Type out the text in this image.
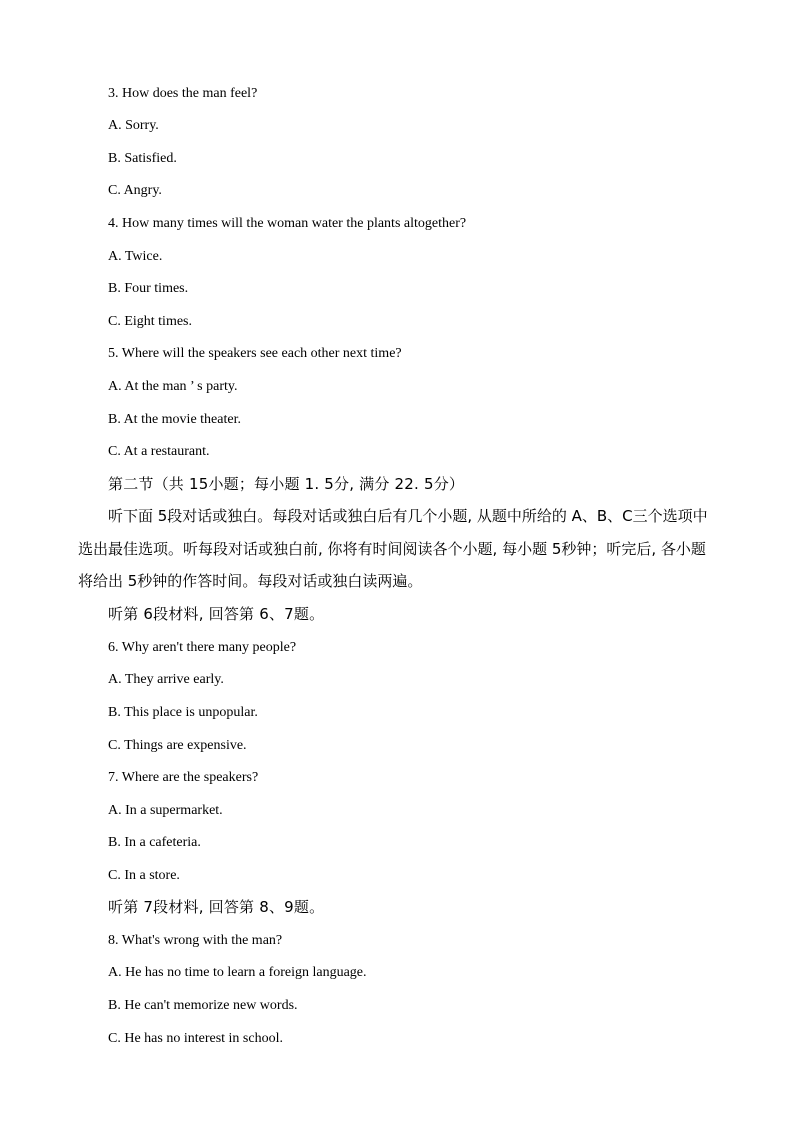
3. How does the man feel?
A. Sorry.
B. Satisfied.
C. Angry.
4. How many times will the woman water the plants altogether?
A. Twice.
B. Four times.
C. Eight times.
5. Where will the speakers see each other next time?
A. At the man ’ s party.
B. At the movie theater.
C. At a restaurant.
第二节（共 15小题；每小题 1. 5分, 满分 22. 5分）
听下面 5段对话或独白。每段对话或独白后有几个小题, 从题中所给的 A、B、C三个选项中选出最佳选项。听每段对话或独白前, 你将有时间阅读各个小题, 每小题 5秒钟；听完后, 各小题将给出 5秒钟的作答时间。每段对话或独白读两遍。
听第 6段材料, 回答第 6、7题。
6. Why aren't there many people?
A. They arrive early.
B. This place is unpopular.
C. Things are expensive.
7. Where are the speakers?
A. In a supermarket.
B. In a cafeteria.
C. In a store.
听第 7段材料, 回答第 8、9题。
8. What's wrong with the man?
A. He has no time to learn a foreign language.
B. He can't memorize new words.
C. He has no interest in school.
